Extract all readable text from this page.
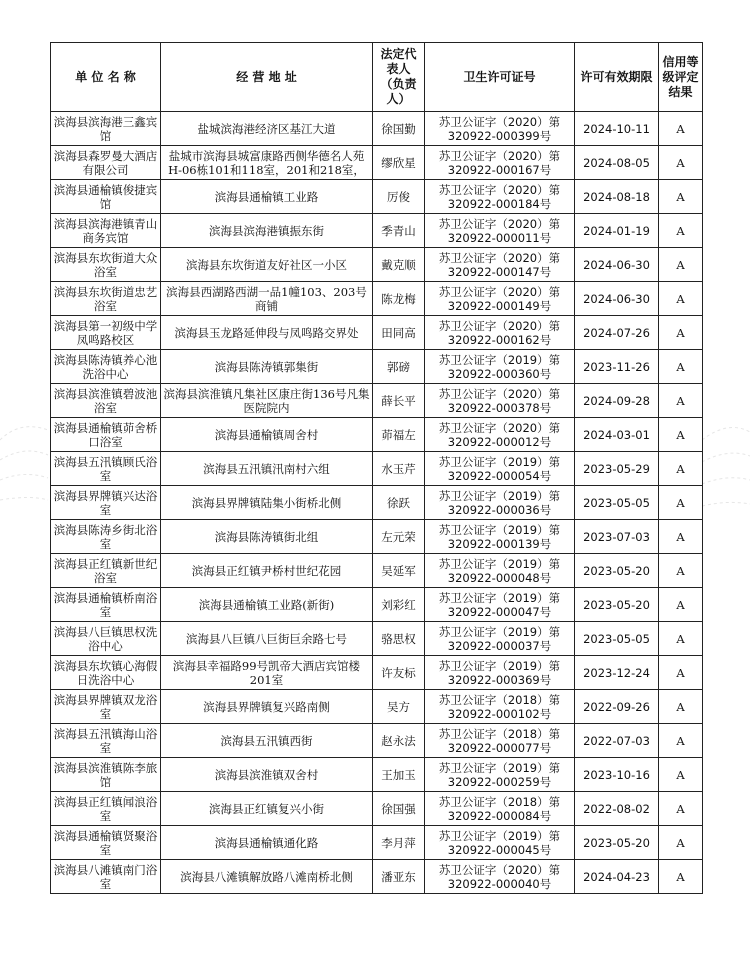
单 位 名 称	经 营 地 址	法定代表人（负责人）	卫生许可证号	许可有效期限	信用等级评定结果
滨海县滨海港三鑫宾馆	盐城滨海港经济区基江大道	徐国勤	苏卫公证字（2020）第320922-000399号	2024-10-11	A
滨海县森罗曼大酒店有限公司	盐城市滨海县城富康路西侧华德名人苑H-06栋101和118室，201和218室，	缪欣星	苏卫公证字（2020）第320922-000167号	2024-08-05	A
滨海县通榆镇俊捷宾馆	滨海县通榆镇工业路	厉俊	苏卫公证字（2020）第320922-000184号	2024-08-18	A
滨海县滨海港镇青山商务宾馆	滨海县滨海港镇振东街	季青山	苏卫公证字（2020）第320922-000011号	2024-01-19	A
滨海县东坎街道大众浴室	滨海县东坎街道友好社区一小区	戴克顺	苏卫公证字（2020）第320922-000147号	2024-06-30	A
滨海县东坎街道忠艺浴室	滨海县西湖路西湖一品1幢103、203号商铺	陈龙梅	苏卫公证字（2020）第320922-000149号	2024-06-30	A
滨海县第一初级中学凤鸣路校区	滨海县玉龙路延伸段与凤鸣路交界处	田同高	苏卫公证字（2020）第320922-000162号	2024-07-26	A
滨海县陈涛镇养心池洗浴中心	滨海县陈涛镇郭集街	郭磅	苏卫公证字（2019）第320922-000360号	2023-11-26	A
滨海县滨淮镇碧波池浴室	滨海县滨淮镇凡集社区康庄街136号凡集医院院内	薛长平	苏卫公证字（2020）第320922-000378号	2024-09-28	A
滨海县通榆镇茆舍桥口浴室	滨海县通榆镇周舍村	茆福左	苏卫公证字（2020）第320922-000012号	2024-03-01	A
滨海县五汛镇顾氏浴室	滨海县五汛镇汛南村六组	水玉芹	苏卫公证字（2019）第320922-000054号	2023-05-29	A
滨海县界牌镇兴达浴室	滨海县界牌镇陆集小街桥北侧	徐跃	苏卫公证字（2019）第320922-000036号	2023-05-05	A
滨海县陈涛乡街北浴室	滨海县陈涛镇街北组	左元荣	苏卫公证字（2019）第320922-000139号	2023-07-03	A
滨海县正红镇新世纪浴室	滨海县正红镇尹桥村世纪花园	吴延军	苏卫公证字（2019）第320922-000048号	2023-05-20	A
滨海县通榆镇桥南浴室	滨海县通榆镇工业路(新街)	刘彩红	苏卫公证字（2019）第320922-000047号	2023-05-20	A
滨海县八巨镇思权洗浴中心	滨海县八巨镇八巨街巨余路七号	骆思权	苏卫公证字（2019）第320922-000037号	2023-05-05	A
滨海县东坎镇心海假日洗浴中心	滨海县幸福路99号凯帝大酒店宾馆楼201室	许友标	苏卫公证字（2019）第320922-000369号	2023-12-24	A
滨海县界牌镇双龙浴室	滨海县界牌镇复兴路南侧	吴方	苏卫公证字（2018）第320922-000102号	2022-09-26	A
滨海县五汛镇海山浴室	滨海县五汛镇西街	赵永法	苏卫公证字（2018）第320922-000077号	2022-07-03	A
滨海县滨淮镇陈李旅馆	滨海县滨淮镇双舍村	王加玉	苏卫公证字（2019）第320922-000259号	2023-10-16	A
滨海县正红镇闻浪浴室	滨海县正红镇复兴小街	徐国强	苏卫公证字（2018）第320922-000084号	2022-08-02	A
滨海县通榆镇贤聚浴室	滨海县通榆镇通化路	李月萍	苏卫公证字（2019）第320922-000045号	2023-05-20	A
滨海县八滩镇南门浴室	滨海县八滩镇解放路八滩南桥北侧	潘亚东	苏卫公证字（2020）第320922-000040号	2024-04-23	A
